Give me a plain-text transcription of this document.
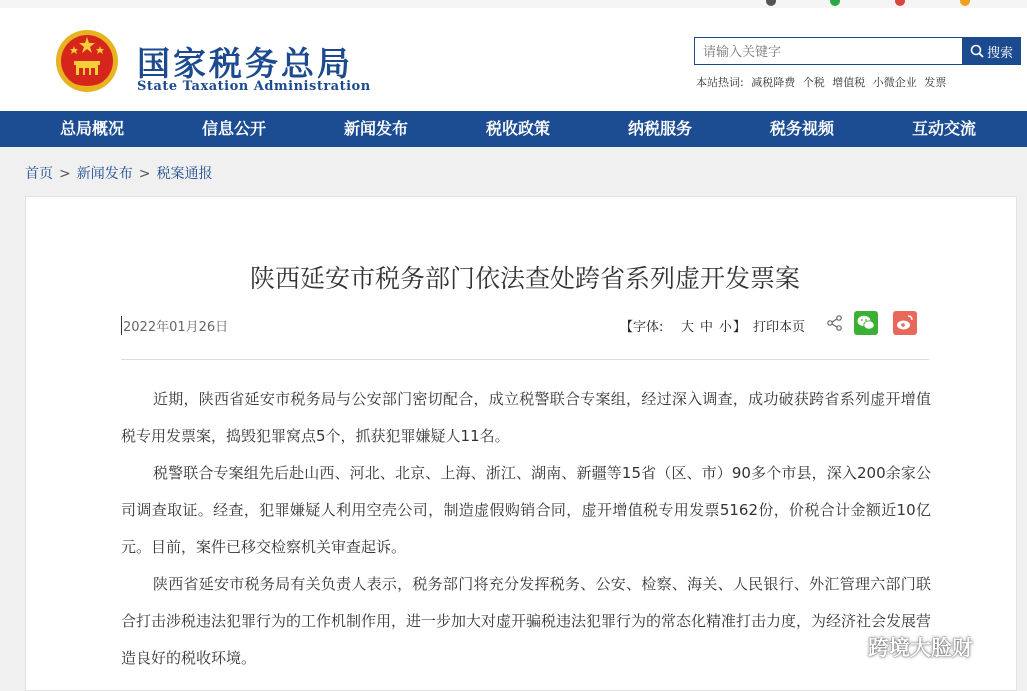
国家税务总局
State Taxation Administration
请输入关键字
搜索
本站热词: 减税降费 个税 增值税 小微企业 发票
总局概况	信息公开	新闻发布	税收政策	纳税服务	税务视频	互动交流
首页 > 新闻发布 > 税案通报
陕西延安市税务部门依法查处跨省系列虚开发票案
2022年01月26日	【字体: 大 中 小 】 打印本页

近期，陕西省延安市税务局与公安部门密切配合，成立税警联合专案组，经过深入调查，成功破获跨省系列虚开增值税专用发票案，捣毁犯罪窝点5个，抓获犯罪嫌疑人11名。

税警联合专案组先后赴山西、河北、北京、上海、浙江、湖南、新疆等15省（区、市）90多个市县，深入200余家公司调查取证。经查，犯罪嫌疑人利用空壳公司，制造虚假购销合同，虚开增值税专用发票5162份，价税合计金额近10亿元。目前，案件已移交检察机关审查起诉。

陕西省延安市税务局有关负责人表示，税务部门将充分发挥税务、公安、检察、海关、人民银行、外汇管理六部门联合打击涉税违法犯罪行为的工作机制作用，进一步加大对虚开骗税违法犯罪行为的常态化精准打击力度，为经济社会发展营造良好的税收环境。	跨境大脸财
